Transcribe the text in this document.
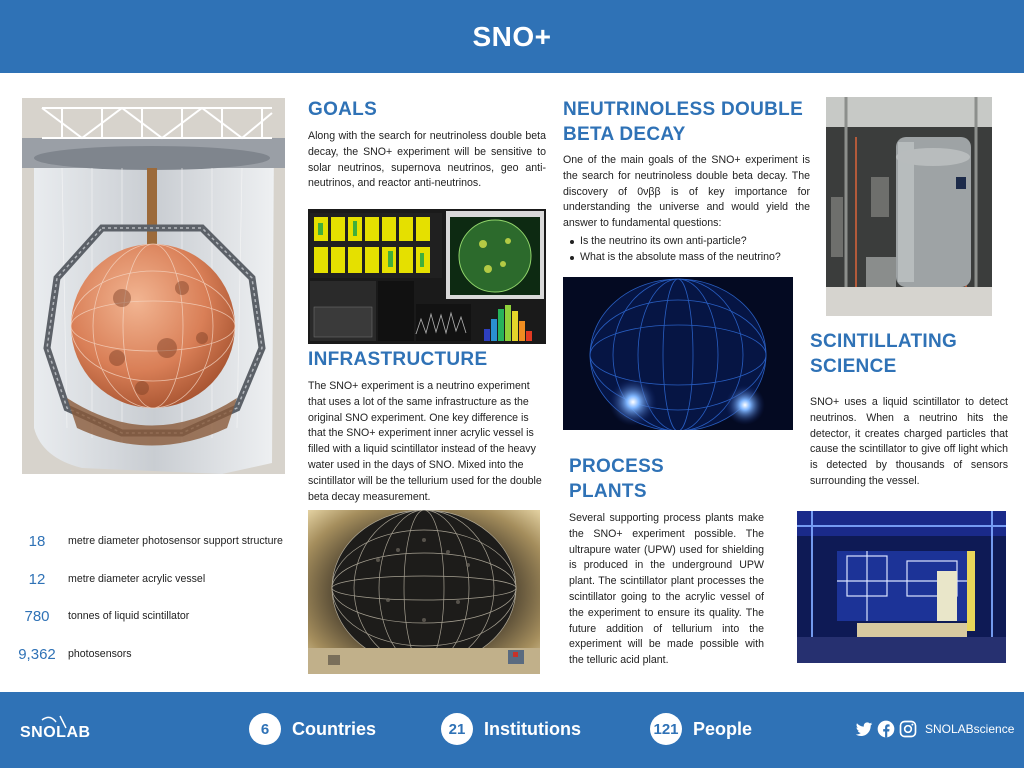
SNO+
GOALS
Along with the search for neutrinoless double beta decay, the SNO+ experiment will be sensitive to solar neutrinos, supernova neutrinos, geo anti-neutrinos, and reactor anti-neutrinos.
INFRASTRUCTURE
The SNO+ experiment is a neutrino experiment that uses a lot of the same infrastructure as the original SNO experiment. One key difference is that the SNO+ experiment inner acrylic vessel is filled with a liquid scintillator instead of the heavy water used in the days of SNO. Mixed into the scintillator will be the tellurium used for the double beta decay measurement.
NEUTRINOLESS DOUBLE
BETA DECAY
One of the main goals of the SNO+ experiment is the search for neutrinoless double beta decay. The discovery of 0νββ is of key importance for understanding the universe and would yield the answer to fundamental questions:
Is the neutrino its own anti-particle?
What is the absolute mass of the neutrino?
PROCESS
PLANTS
Several supporting process plants make the SNO+ experiment possible. The ultrapure water (UPW) used for shielding is produced in the underground UPW plant. The scintillator plant processes the scintillator going to the acrylic vessel of the experiment to ensure its quality. The future addition of tellurium into the experiment will be made possible with the telluric acid plant.
SCINTILLATING
SCIENCE
SNO+ uses a liquid scintillator to detect neutrinos. When a neutrino hits the detector, it creates charged particles that cause the scintillator to give off light which is detected by thousands of sensors surrounding the vessel.
18	metre diameter photosensor support structure
12	metre diameter acrylic vessel
780	tonnes of liquid scintillator
9,362	photosensors
SNOLAB	6	Countries	21	Institutions	121 People	SNOLABscience
